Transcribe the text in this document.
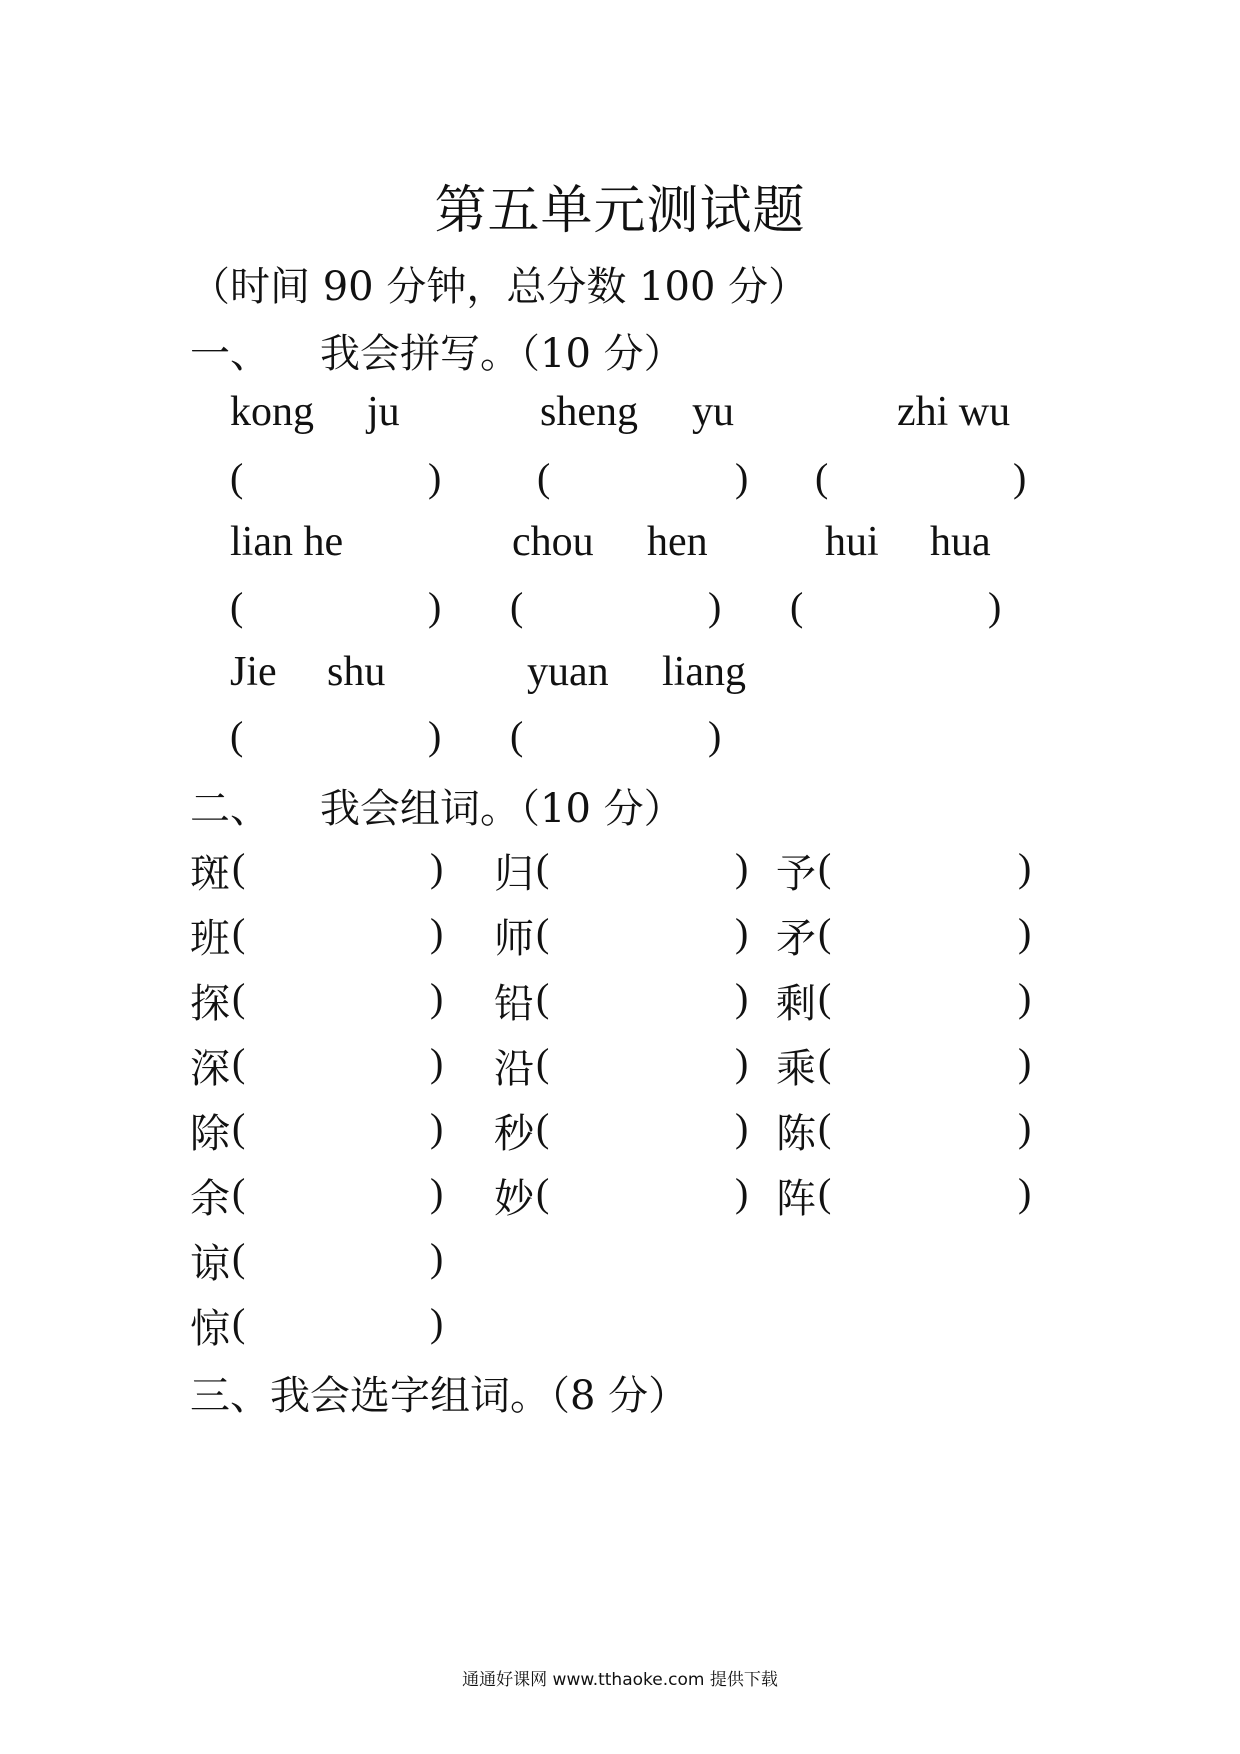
第五单元测试题
（时间 90 分钟，总分数 100 分）
一、 我会拼写。（10 分）
kong ju	sheng yu	zhi wu
(	) (	) (	)
lian he	chou hen	hui hua
(	) (	) (	)
Jie shu	yuan liang
(	) (	)
二、 我会组词。（10 分）
斑 (	) 归 (	) 予 (	)
班 (	) 师 (	) 矛 (	)
探 (	) 铅 (	) 剩 (	)
深 (	) 沿 (	) 乘 (	)
除 (	) 秒 (	) 陈 (	)
余 (	) 妙 (	) 阵 (	)
谅 (	)
惊 (	)
三、我会选字组词。（8 分）
通通好课网 www.tthaoke.com 提供下载
